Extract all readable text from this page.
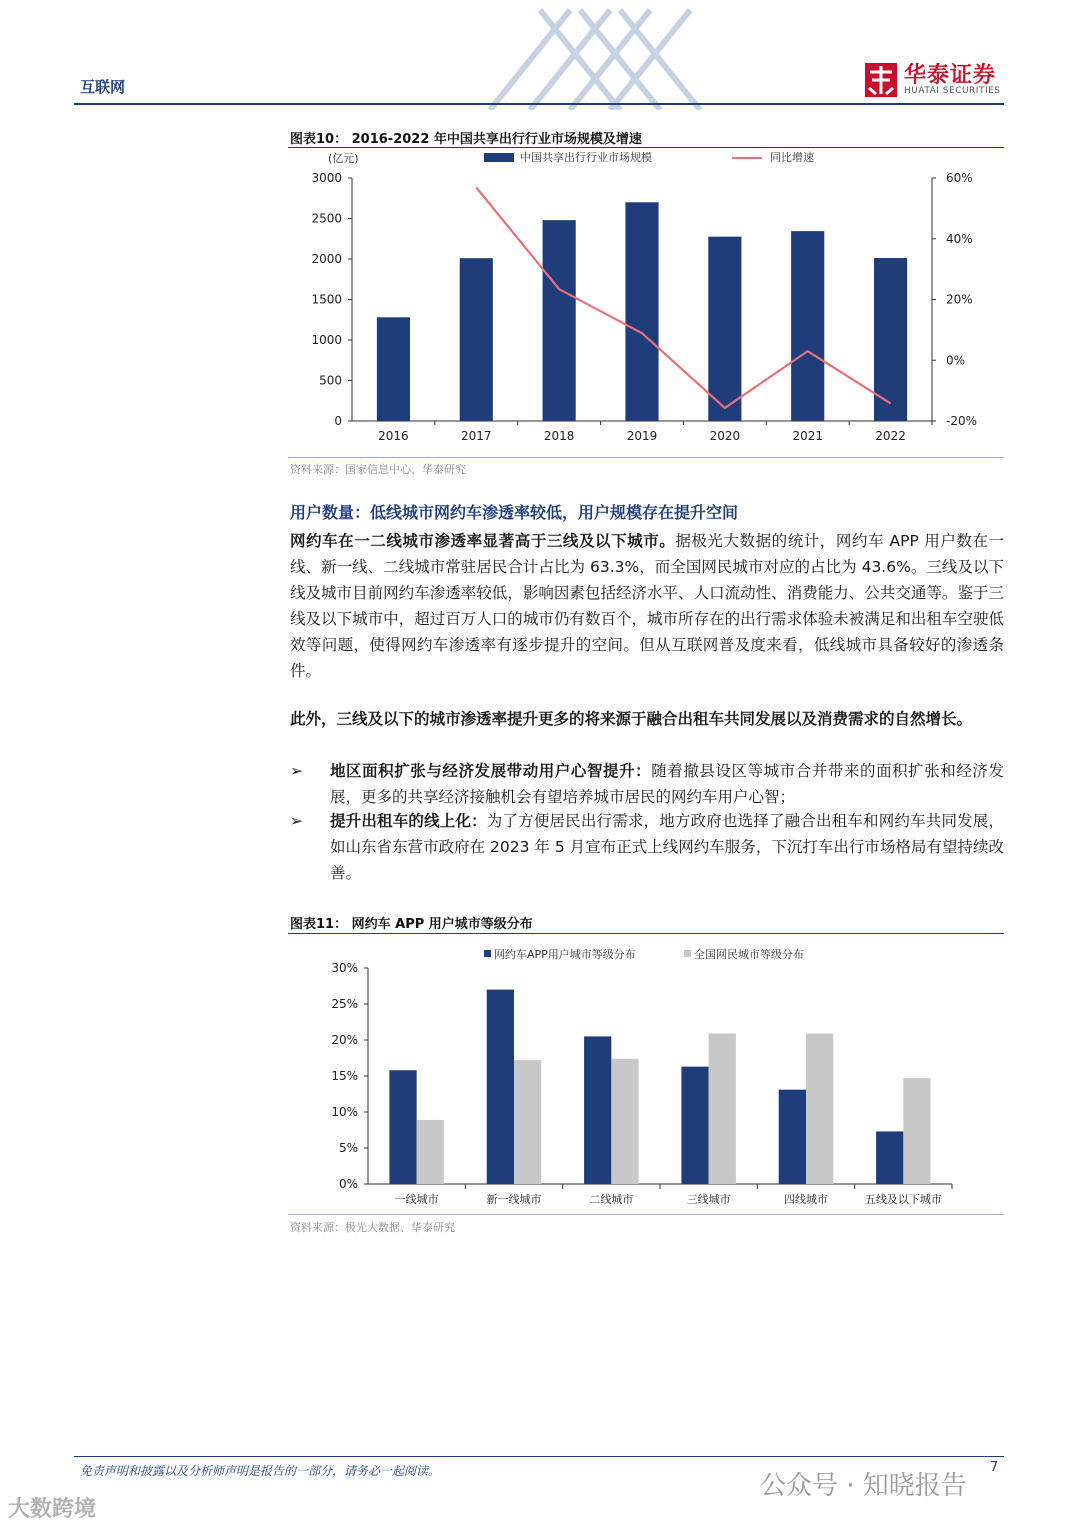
互联网	华泰证券
HUATAI SECURITIES
图表10： 2016-2022 年中国共享出行行业市场规模及增速
(亿元)	中国共享出行行业市场规模	同比增速
3000
2500
2000
1500
1000
500
0
60%
40%
20%
0%
-20%
2016	2017	2018	2019	2020	2021	2022
资料来源：国家信息中心、华泰研究
用户数量：低线城市网约车渗透率较低，用户规模存在提升空间
网约车在一二线城市渗透率显著高于三线及以下城市。据极光大数据的统计，网约车 APP 用户数在一线、新一线、二线城市常驻居民合计占比为 63.3%，而全国网民城市对应的占比为 43.6%。三线及以下线及城市目前网约车渗透率较低，影响因素包括经济水平、人口流动性、消费能力、公共交通等。鉴于三线及以下城市中，超过百万人口的城市仍有数百个，城市所存在的出行需求体验未被满足和出租车空驶低效等问题，使得网约车渗透率有逐步提升的空间。但从互联网普及度来看，低线城市具备较好的渗透条件。
此外，三线及以下的城市渗透率提升更多的将来源于融合出租车共同发展以及消费需求的自然增长。
➢ 地区面积扩张与经济发展带动用户心智提升：随着撤县设区等城市合并带来的面积扩张和经济发展，更多的共享经济接触机会有望培养城市居民的网约车用户心智；
➢ 提升出租车的线上化：为了方便居民出行需求，地方政府也选择了融合出租车和网约车共同发展，如山东省东营市政府在 2023 年 5 月宣布正式上线网约车服务，下沉打车出行市场格局有望持续改善。
图表11： 网约车 APP 用户城市等级分布
网约车APP用户城市等级分布	全国网民城市等级分布
30%
25%
20%
15%
10%
5%
0%
一线城市	新一线城市	二线城市	三线城市	四线城市	五线及以下城市
资料来源：极光大数据、华泰研究
免责声明和披露以及分析师声明是报告的一部分，请务必一起阅读。	7
公众号 · 知晓报告
大数跨境
